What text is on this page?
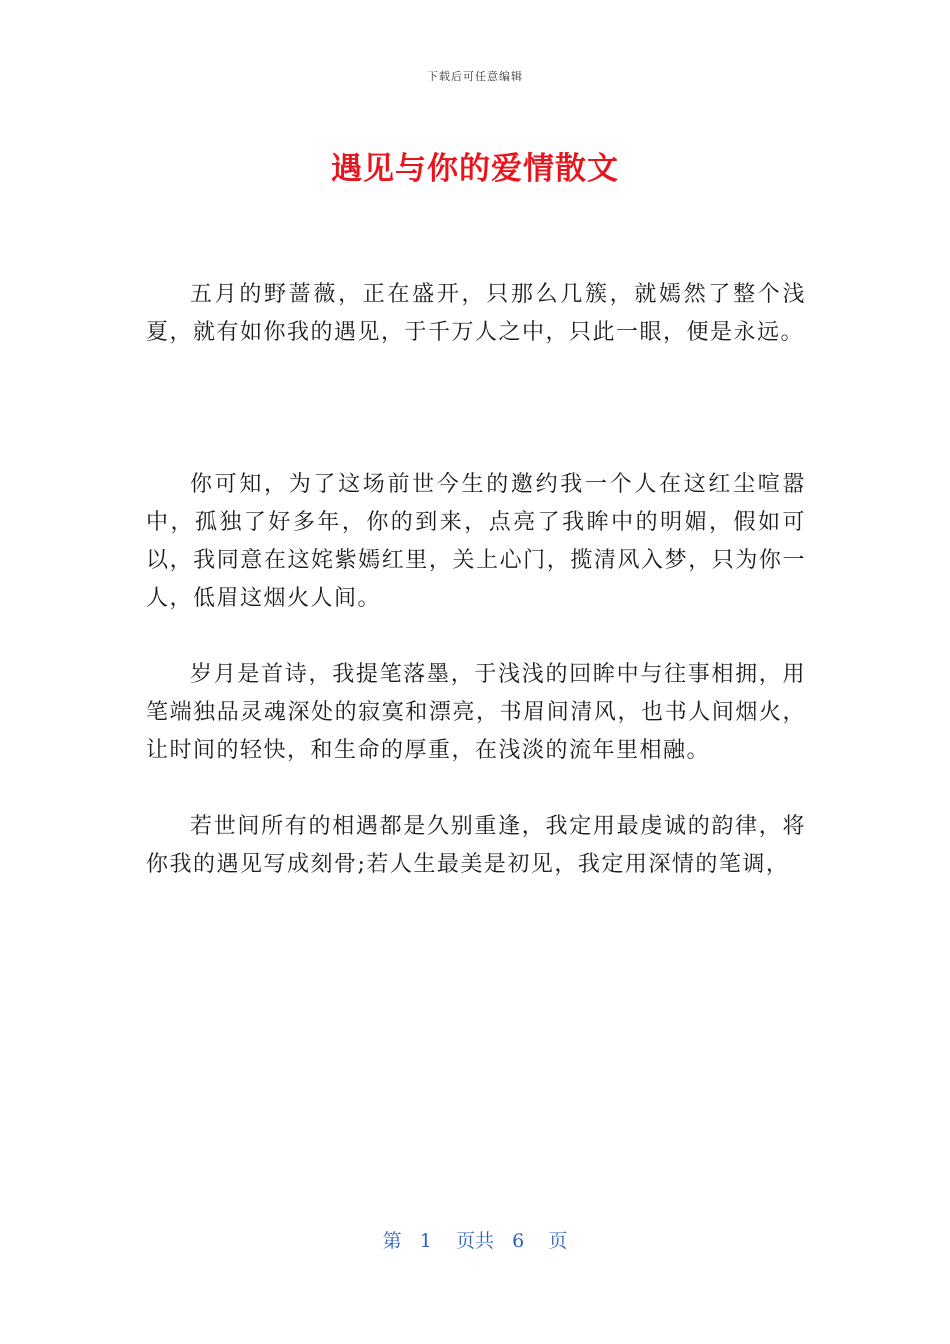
下载后可任意编辑
遇见与你的爱情散文

五月的野蔷薇，正在盛开，只那么几簇，就嫣然了整个浅夏，就有如你我的遇见，于千万人之中，只此一眼，便是永远。

你可知，为了这场前世今生的邀约我一个人在这红尘喧嚣中，孤独了好多年，你的到来，点亮了我眸中的明媚，假如可以，我同意在这姹紫嫣红里，关上心门，揽清风入梦，只为你一人，低眉这烟火人间。

岁月是首诗，我提笔落墨，于浅浅的回眸中与往事相拥，用笔端独品灵魂深处的寂寞和漂亮，书眉间清风，也书人间烟火，让时间的轻快，和生命的厚重，在浅淡的流年里相融。

若世间所有的相遇都是久别重逢，我定用最虔诚的韵律，将你我的遇见写成刻骨;若人生最美是初见，我定用深情的笔调，

第 1 页共 6 页
